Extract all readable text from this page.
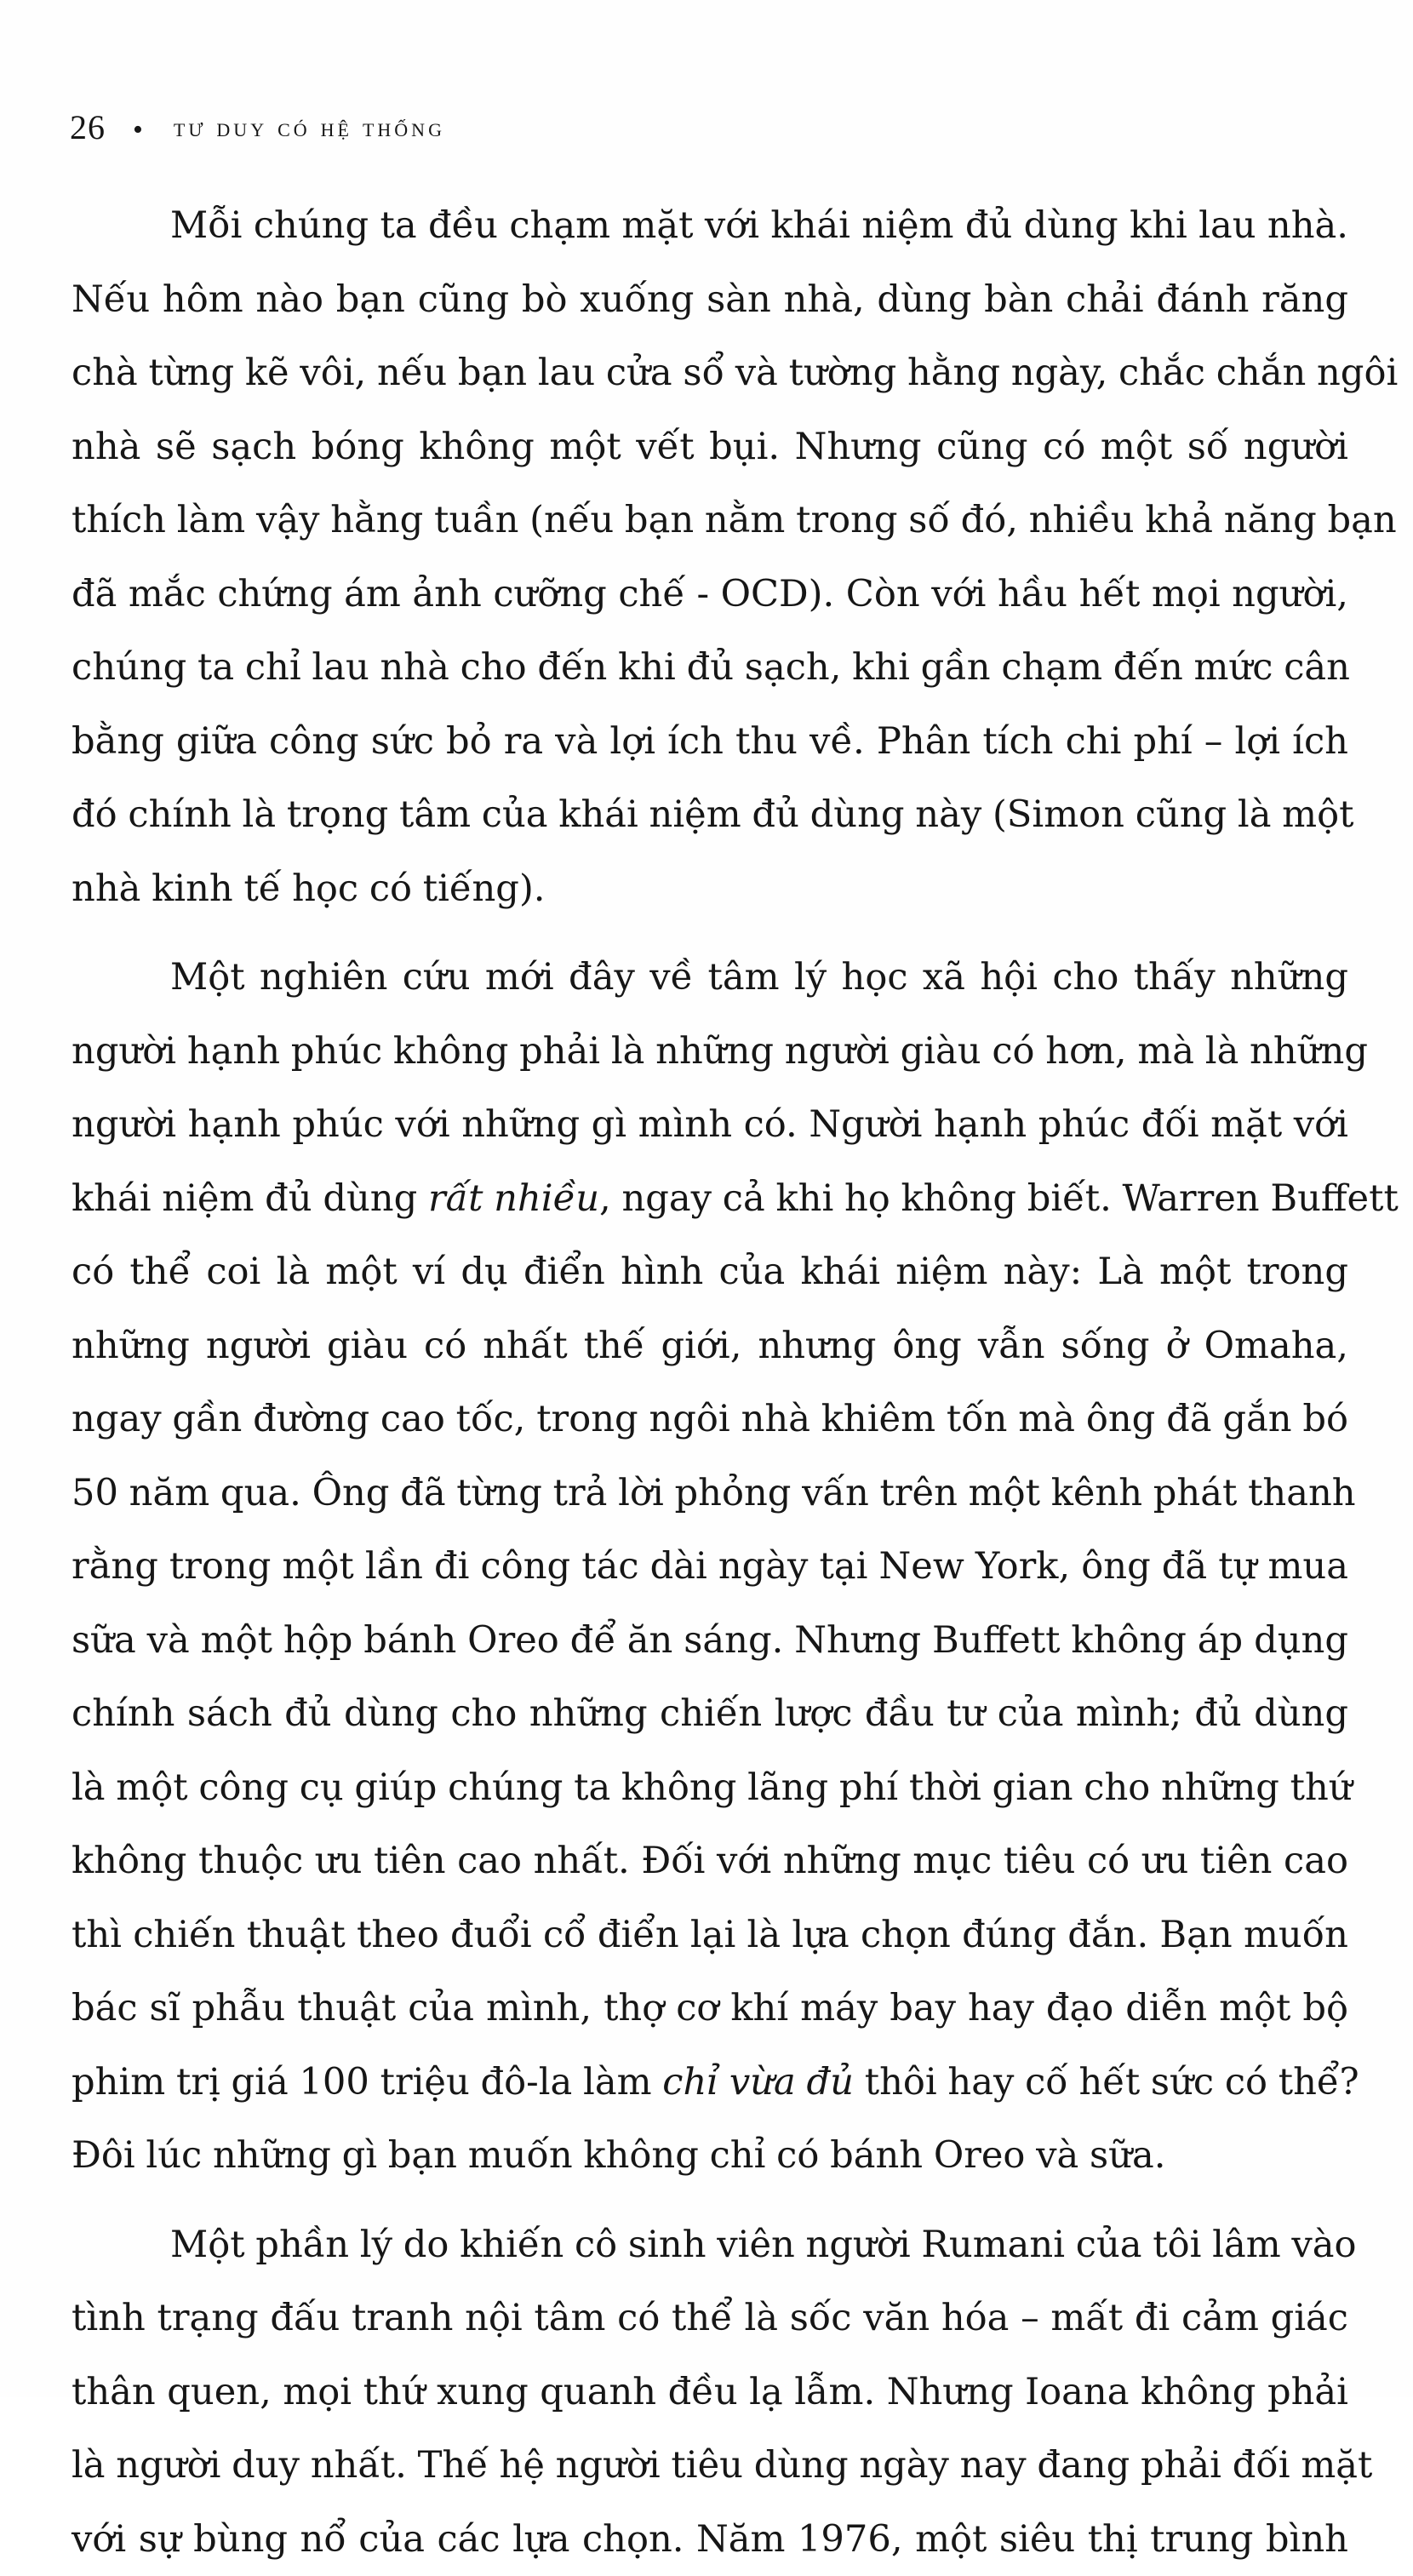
26 • tư duy có hệ thống
Mỗi chúng ta đều chạm mặt với khái niệm đủ dùng khi lau nhà.
Nếu hôm nào bạn cũng bò xuống sàn nhà, dùng bàn chải đánh răng
chà từng kẽ vôi, nếu bạn lau cửa sổ và tường hằng ngày, chắc chắn ngôi
nhà sẽ sạch bóng không một vết bụi. Nhưng cũng có một số người
thích làm vậy hằng tuần (nếu bạn nằm trong số đó, nhiều khả năng bạn
đã mắc chứng ám ảnh cưỡng chế - OCD). Còn với hầu hết mọi người,
chúng ta chỉ lau nhà cho đến khi đủ sạch, khi gần chạm đến mức cân
bằng giữa công sức bỏ ra và lợi ích thu về. Phân tích chi phí – lợi ích
đó chính là trọng tâm của khái niệm đủ dùng này (Simon cũng là một
nhà kinh tế học có tiếng).
Một nghiên cứu mới đây về tâm lý học xã hội cho thấy những
người hạnh phúc không phải là những người giàu có hơn, mà là những
người hạnh phúc với những gì mình có. Người hạnh phúc đối mặt với
khái niệm đủ dùng rất nhiều, ngay cả khi họ không biết. Warren Buffett
có thể coi là một ví dụ điển hình của khái niệm này: Là một trong
những người giàu có nhất thế giới, nhưng ông vẫn sống ở Omaha,
ngay gần đường cao tốc, trong ngôi nhà khiêm tốn mà ông đã gắn bó
50 năm qua. Ông đã từng trả lời phỏng vấn trên một kênh phát thanh
rằng trong một lần đi công tác dài ngày tại New York, ông đã tự mua
sữa và một hộp bánh Oreo để ăn sáng. Nhưng Buffett không áp dụng
chính sách đủ dùng cho những chiến lược đầu tư của mình; đủ dùng
là một công cụ giúp chúng ta không lãng phí thời gian cho những thứ
không thuộc ưu tiên cao nhất. Đối với những mục tiêu có ưu tiên cao
thì chiến thuật theo đuổi cổ điển lại là lựa chọn đúng đắn. Bạn muốn
bác sĩ phẫu thuật của mình, thợ cơ khí máy bay hay đạo diễn một bộ
phim trị giá 100 triệu đô-la làm chỉ vừa đủ thôi hay cố hết sức có thể?
Đôi lúc những gì bạn muốn không chỉ có bánh Oreo và sữa.
Một phần lý do khiến cô sinh viên người Rumani của tôi lâm vào
tình trạng đấu tranh nội tâm có thể là sốc văn hóa – mất đi cảm giác
thân quen, mọi thứ xung quanh đều lạ lẫm. Nhưng Ioana không phải
là người duy nhất. Thế hệ người tiêu dùng ngày nay đang phải đối mặt
với sự bùng nổ của các lựa chọn. Năm 1976, một siêu thị trung bình
